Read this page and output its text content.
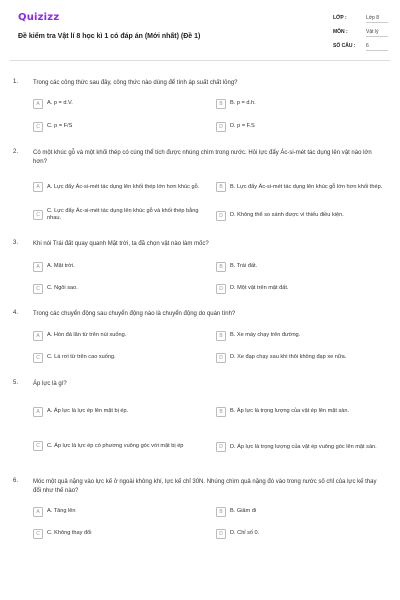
Quizizz
Đề kiểm tra Vật lí 8 học kì 1 có đáp án (Mới nhất) (Đề 1)
LỚP :	Lớp 8
MÔN :	Vật lý
SỐ CÂU : 6
1. Trong các công thức sau đây, công thức nào dùng để tính áp suất chất lỏng?
A	A. p = d.V.	B	B. p = d.h.
C	C. p = F/S	D	D. p = F.S
2. Có một khúc gỗ và một khối thép có cùng thể tích được nhúng chìm trong nước. Hỏi lực đẩy Ác-si-mét tác dụng lên vật nào lớn hơn?
A	A. Lực đẩy Ác-si-mét tác dụng lên khối thép lớn hơn khúc gỗ.	B	B. Lực đẩy Ác-si-mét tác dụng lên khúc gỗ lớn hơn khối thép.
C
C. Lực đẩy Ác-si-mét tác dụng lên khúc gỗ và khối thép bằng nhau.	D	D. Không thể so sánh được vì thiếu điều kiện.
3. Khi nói Trái đất quay quanh Mặt trời, ta đã chọn vật nào làm mốc?
A	A. Mặt trời.	B	B. Trái đất.
C	C. Ngôi sao.	D	D. Một vật trên mặt đất.
4. Trong các chuyển động sau chuyển động nào là chuyển động do quán tính?
A	A. Hòn đá lăn từ trên núi xuống.	B	B. Xe máy chạy trên đường.
C	C. Lá rơi từ trên cao xuống.	D	D. Xe đạp chạy sau khi thôi không đạp xe nữa.
5. Áp lực là gì?
A	A. Áp lực là lực ép lên mặt bị ép.	B	B. Áp lực là trọng lượng của vật ép lên mặt sàn.
C	C. Áp lực là lực ép có phương vuông góc với mặt bị ép	D	D. Áp lực là trọng lượng của vật ép vuông góc lên mặt sàn.
6. Móc một quả nặng vào lực kế ở ngoài không khí, lực kế chỉ 30N. Nhúng chìm quả nặng đó vào trong nước số chỉ của lực kế thay đổi như thế nào?
A	A. Tăng lên	B	B. Giảm đi
C	C. Không thay đổi	D	D. Chỉ số 0.
